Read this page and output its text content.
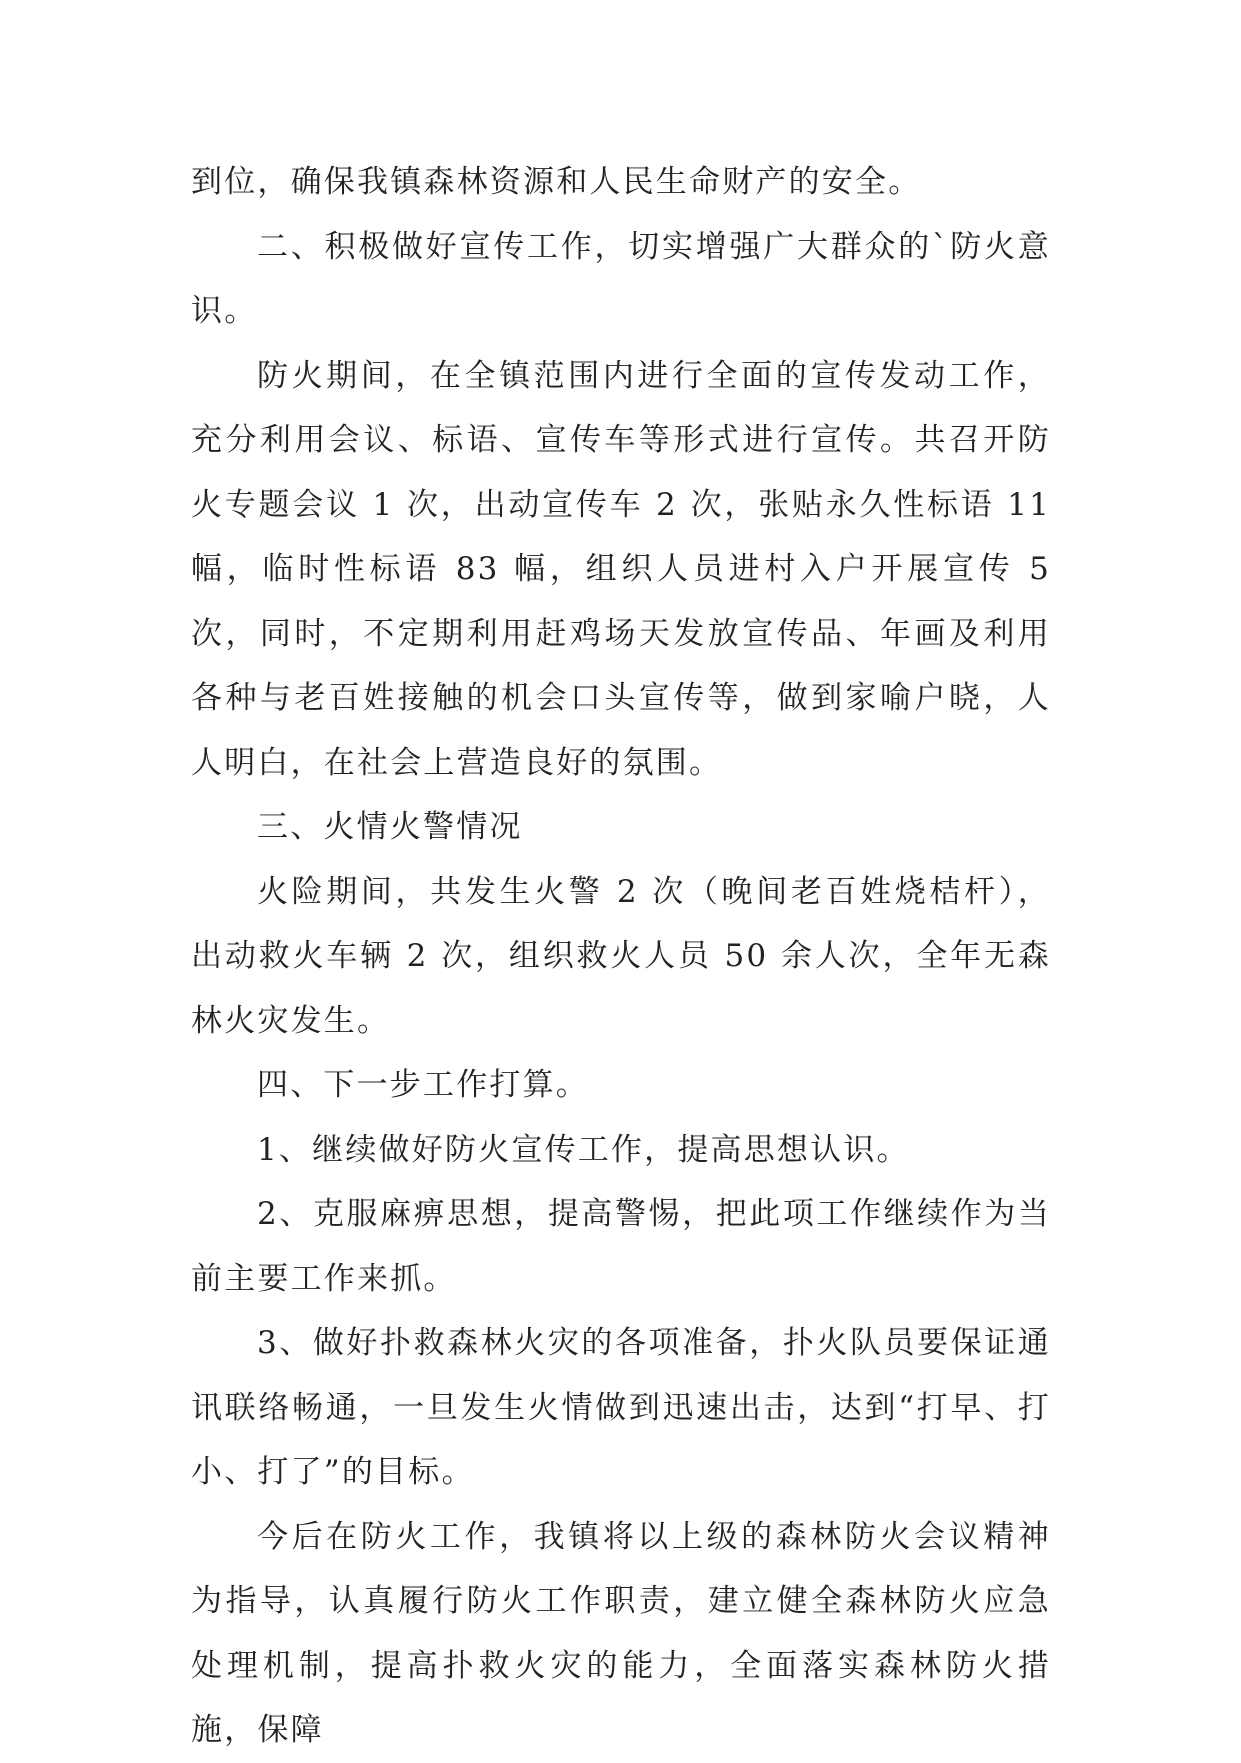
到位，确保我镇森林资源和人民生命财产的安全。

二、积极做好宣传工作，切实增强广大群众的`防火意识。

防火期间，在全镇范围内进行全面的宣传发动工作，充分利用会议、标语、宣传车等形式进行宣传。共召开防火专题会议 1 次，出动宣传车 2 次，张贴永久性标语 11 幅，临时性标语 83 幅，组织人员进村入户开展宣传 5 次，同时，不定期利用赶鸡场天发放宣传品、年画及利用各种与老百姓接触的机会口头宣传等，做到家喻户晓，人人明白，在社会上营造良好的氛围。

三、火情火警情况

火险期间，共发生火警 2 次（晚间老百姓烧桔杆），出动救火车辆 2 次，组织救火人员 50 余人次，全年无森林火灾发生。

四、下一步工作打算。

1、继续做好防火宣传工作，提高思想认识。

2、克服麻痹思想，提高警惕，把此项工作继续作为当前主要工作来抓。

3、做好扑救森林火灾的各项准备，扑火队员要保证通讯联络畅通，一旦发生火情做到迅速出击，达到“打早、打小、打了”的目标。

今后在防火工作，我镇将以上级的森林防火会议精神为指导，认真履行防火工作职责，建立健全森林防火应急处理机制，提高扑救火灾的能力，全面落实森林防火措施，保障
